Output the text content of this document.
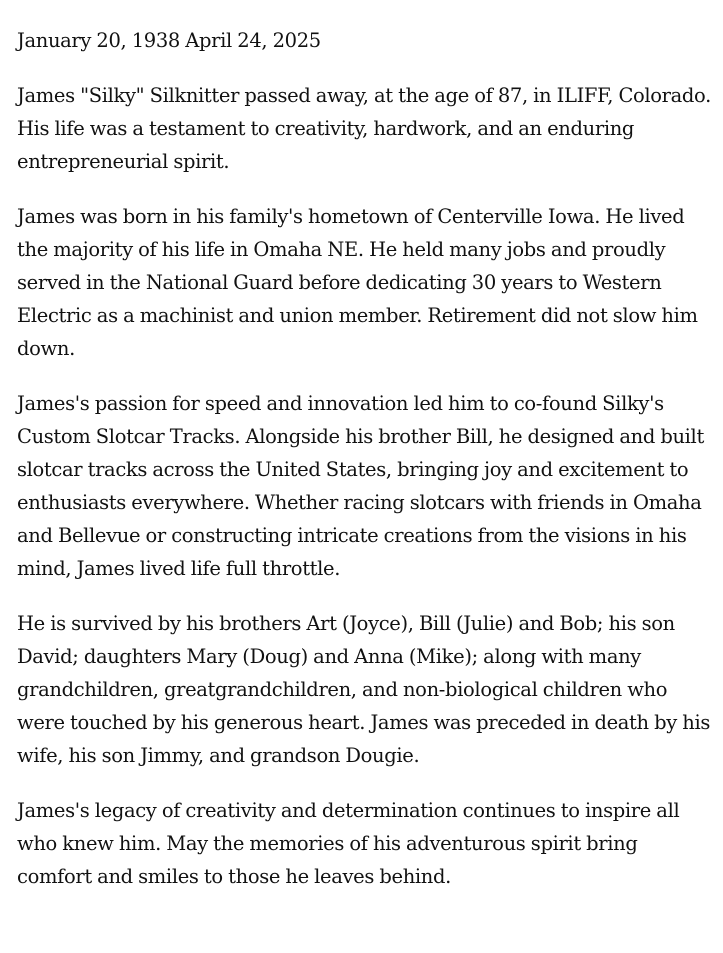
January 20, 1938 April 24, 2025

James "Silky" Silknitter passed away, at the age of 87, in ILIFF, Colorado. His life was a testament to creativity, hardwork, and an enduring entrepreneurial spirit.

James was born in his family's hometown of Centerville Iowa. He lived the majority of his life in Omaha NE. He held many jobs and proudly served in the National Guard before dedicating 30 years to Western Electric as a machinist and union member. Retirement did not slow him down.

James's passion for speed and innovation led him to co-found Silky's Custom Slotcar Tracks. Alongside his brother Bill, he designed and built slotcar tracks across the United States, bringing joy and excitement to enthusiasts everywhere. Whether racing slotcars with friends in Omaha and Bellevue or constructing intricate creations from the visions in his mind, James lived life full throttle.

He is survived by his brothers Art (Joyce), Bill (Julie) and Bob; his son David; daughters Mary (Doug) and Anna (Mike); along with many grandchildren, greatgrandchildren, and non-biological children who were touched by his generous heart. James was preceded in death by his wife, his son Jimmy, and grandson Dougie.

James's legacy of creativity and determination continues to inspire all who knew him. May the memories of his adventurous spirit bring comfort and smiles to those he leaves behind.
